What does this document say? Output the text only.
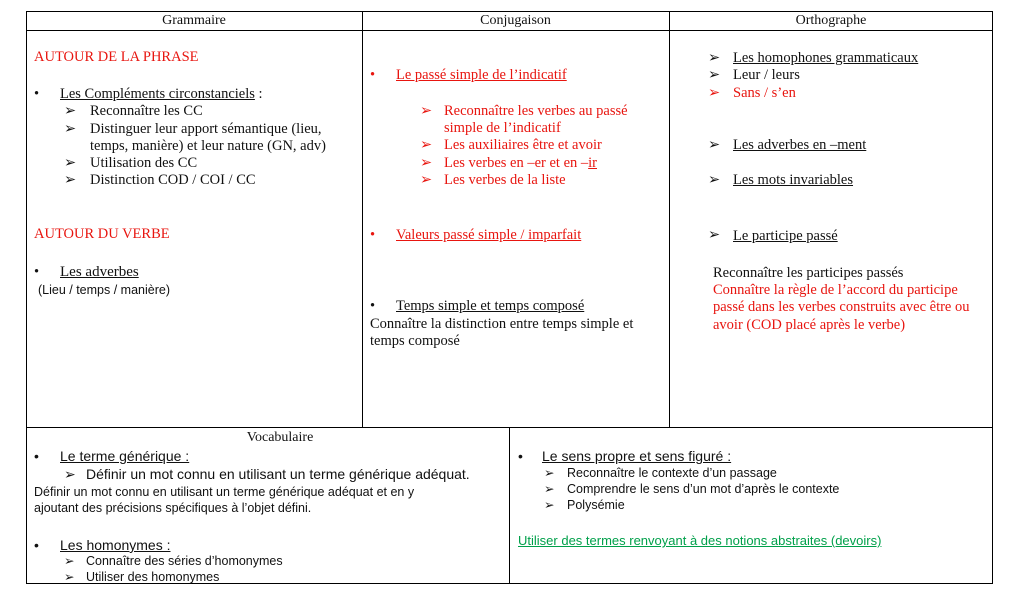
Grammaire	Conjugaison	Orthographe
Vocabulaire
AUTOUR DE LA PHRASE
• Les Compléments circonstanciels :
➢ Reconnaître les CC
➢ Distinguer leur apport sémantique (lieu,
temps, manière) et leur nature (GN, adv)
➢ Utilisation des CC
➢ Distinction COD / COI / CC
AUTOUR DU VERBE
• Les adverbes
(Lieu / temps / manière)
• Le passé simple de l’indicatif
➢ Reconnaître les verbes au passé
simple de l’indicatif
➢ Les auxiliaires être et avoir
➢ Les verbes en –er et en –ir
➢ Les verbes de la liste
• Valeurs passé simple / imparfait
• Temps simple et temps composé
Connaître la distinction entre temps simple et
temps composé
➢ Les homophones grammaticaux
➢ Leur / leurs
➢ Sans / s’en
➢ Les adverbes en –ment
➢ Les mots invariables
➢ Le participe passé
Reconnaître les participes passés
Connaître la règle de l’accord du participe
passé dans les verbes construits avec être ou
avoir (COD placé après le verbe)
• Le terme générique :
➢ Définir un mot connu en utilisant un terme générique adéquat.
Définir un mot connu en utilisant un terme générique adéquat et en y
ajoutant des précisions spécifiques à l’objet défini.
• Les homonymes :
➢ Connaître des séries d’homonymes
➢ Utiliser des homonymes
• Le sens propre et sens figuré :
➢ Reconnaître le contexte d’un passage
➢ Comprendre le sens d’un mot d’après le contexte
➢ Polysémie
Utiliser des termes renvoyant à des notions abstraites (devoirs)
